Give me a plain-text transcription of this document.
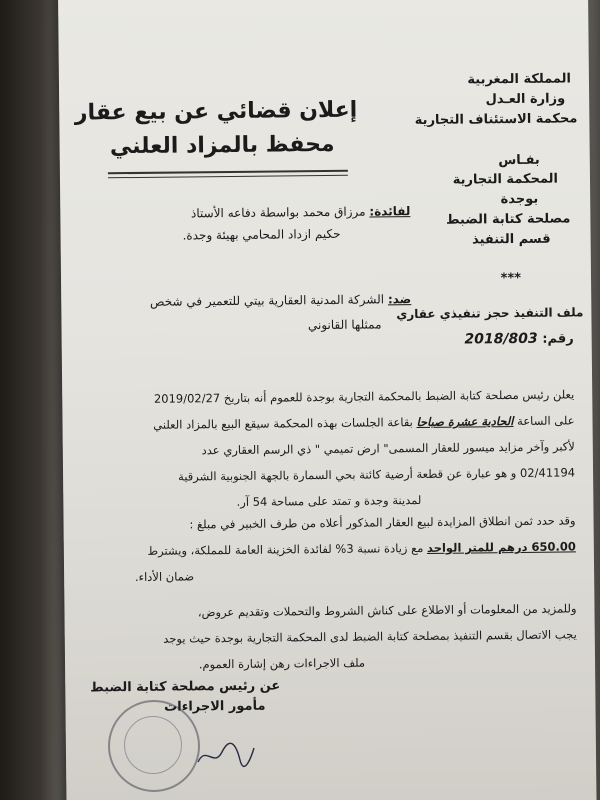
المملكة المغربية
وزارة العـدل
محكمة الاستئناف التجارية
بفـاس
المحكمة التجارية
بوجدة
مصلحة كتابة الضبط
قسم التنفيذ
***
إعلان قضائي عن بيع عقار
محفظ بالمزاد العلني
لفائدة: مرزاق محمد بواسطة دفاعه الأستاذ
حكيم ازداد المحامي بهيئة وجدة.
ضد: الشركة المدنية العقارية بيتي للتعمير في شخص
ممثلها القانوني
ملف التنفيذ حجز تنفيذي عقاري
رقم: 2018/803
يعلن رئيس مصلحة كتابة الضبط بالمحكمة التجارية بوجدة للعموم أنه بتاريخ 2019/02/27
على الساعة الحادية عشرة صباحا بقاعة الجلسات بهذه المحكمة سيقع البيع بالمزاد العلني
لأكبر وآخر مزايد ميسور للعقار المسمى" ارض تميمي " ذي الرسم العقاري عدد
02/41194 و هو عبارة عن قطعة أرضية كائنة بحي السمارة بالجهة الجنوبية الشرقية
لمدينة وجدة و تمتد على مساحة 54 آر.
وقد حدد ثمن انطلاق المزايدة لبيع العقار المذكور أعلاه من طرف الخبير في مبلغ :
650.00 درهم للمتر الواحد مع زيادة نسبة 3% لفائدة الخزينة العامة للمملكة، ويشترط
ضمان الأداء.
وللمزيد من المعلومات أو الاطلاع على كناش الشروط والتحملات وتقديم عروض،
يجب الاتصال بقسم التنفيذ بمصلحة كتابة الضبط لدى المحكمة التجارية بوجدة حيث يوجد
ملف الاجراءات رهن إشارة العموم.
عن رئيس مصلحة كتابة الضبط
مأمور الاجراءات
